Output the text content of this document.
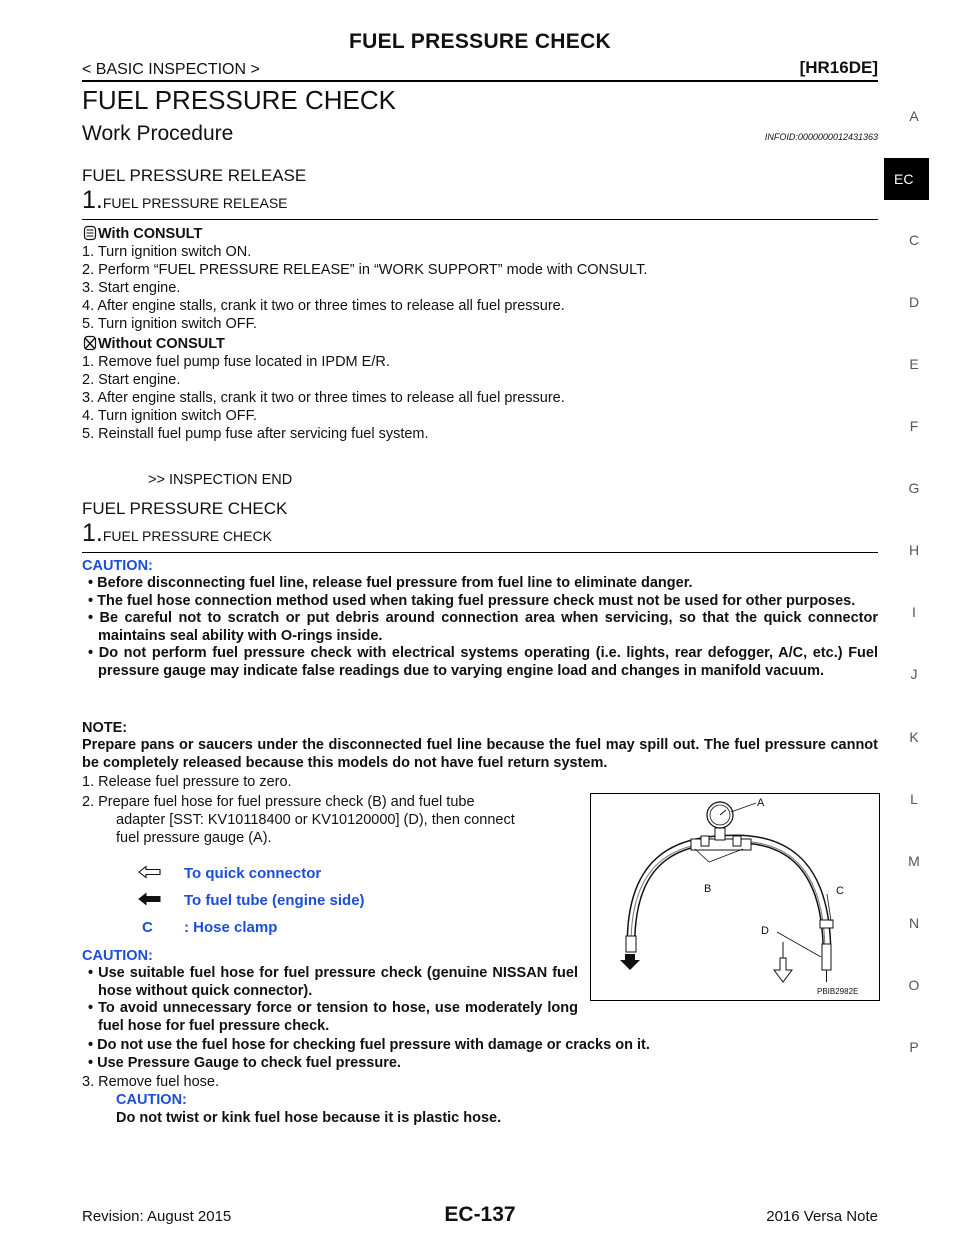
FUEL PRESSURE CHECK
< BASIC INSPECTION >	[HR16DE]
A
EC
C
D
E
F
G
H
I
J
K
L
M
N
O
P
FUEL PRESSURE CHECK
Work Procedure	INFOID:0000000012431363
FUEL PRESSURE RELEASE
1.FUEL PRESSURE RELEASE
With CONSULT
1. Turn ignition switch ON.
2. Perform “FUEL PRESSURE RELEASE” in “WORK SUPPORT” mode with CONSULT.
3. Start engine.
4. After engine stalls, crank it two or three times to release all fuel pressure.
5. Turn ignition switch OFF.
Without CONSULT
1. Remove fuel pump fuse located in IPDM E/R.
2. Start engine.
3. After engine stalls, crank it two or three times to release all fuel pressure.
4. Turn ignition switch OFF.
5. Reinstall fuel pump fuse after servicing fuel system.
>> INSPECTION END
FUEL PRESSURE CHECK
1.FUEL PRESSURE CHECK
CAUTION:
• Before disconnecting fuel line, release fuel pressure from fuel line to eliminate danger.
• The fuel hose connection method used when taking fuel pressure check must not be used for other purposes.
• Be careful not to scratch or put debris around connection area when servicing, so that the quick connector maintains seal ability with O-rings inside.
• Do not perform fuel pressure check with electrical systems operating (i.e. lights, rear defogger, A/C, etc.) Fuel pressure gauge may indicate false readings due to varying engine load and changes in manifold vacuum.
NOTE:
Prepare pans or saucers under the disconnected fuel line because the fuel may spill out. The fuel pressure cannot be completely released because this models do not have fuel return system.
1. Release fuel pressure to zero.
2. Prepare fuel hose for fuel pressure check (B) and fuel tube
adapter [SST: KV10118400 or KV10120000] (D), then connect
fuel pressure gauge (A).
To quick connector
To fuel tube (engine side)
C : Hose clamp
A
B	C
D
PBIB2982E
CAUTION:
• Use suitable fuel hose for fuel pressure check (genuine NISSAN fuel hose without quick connector).
• To avoid unnecessary force or tension to hose, use moderately long fuel hose for fuel pressure check.
• Do not use the fuel hose for checking fuel pressure with damage or cracks on it.
• Use Pressure Gauge to check fuel pressure.
3. Remove fuel hose.
CAUTION:
Do not twist or kink fuel hose because it is plastic hose.
Revision: August 2015	EC-137	2016 Versa Note
